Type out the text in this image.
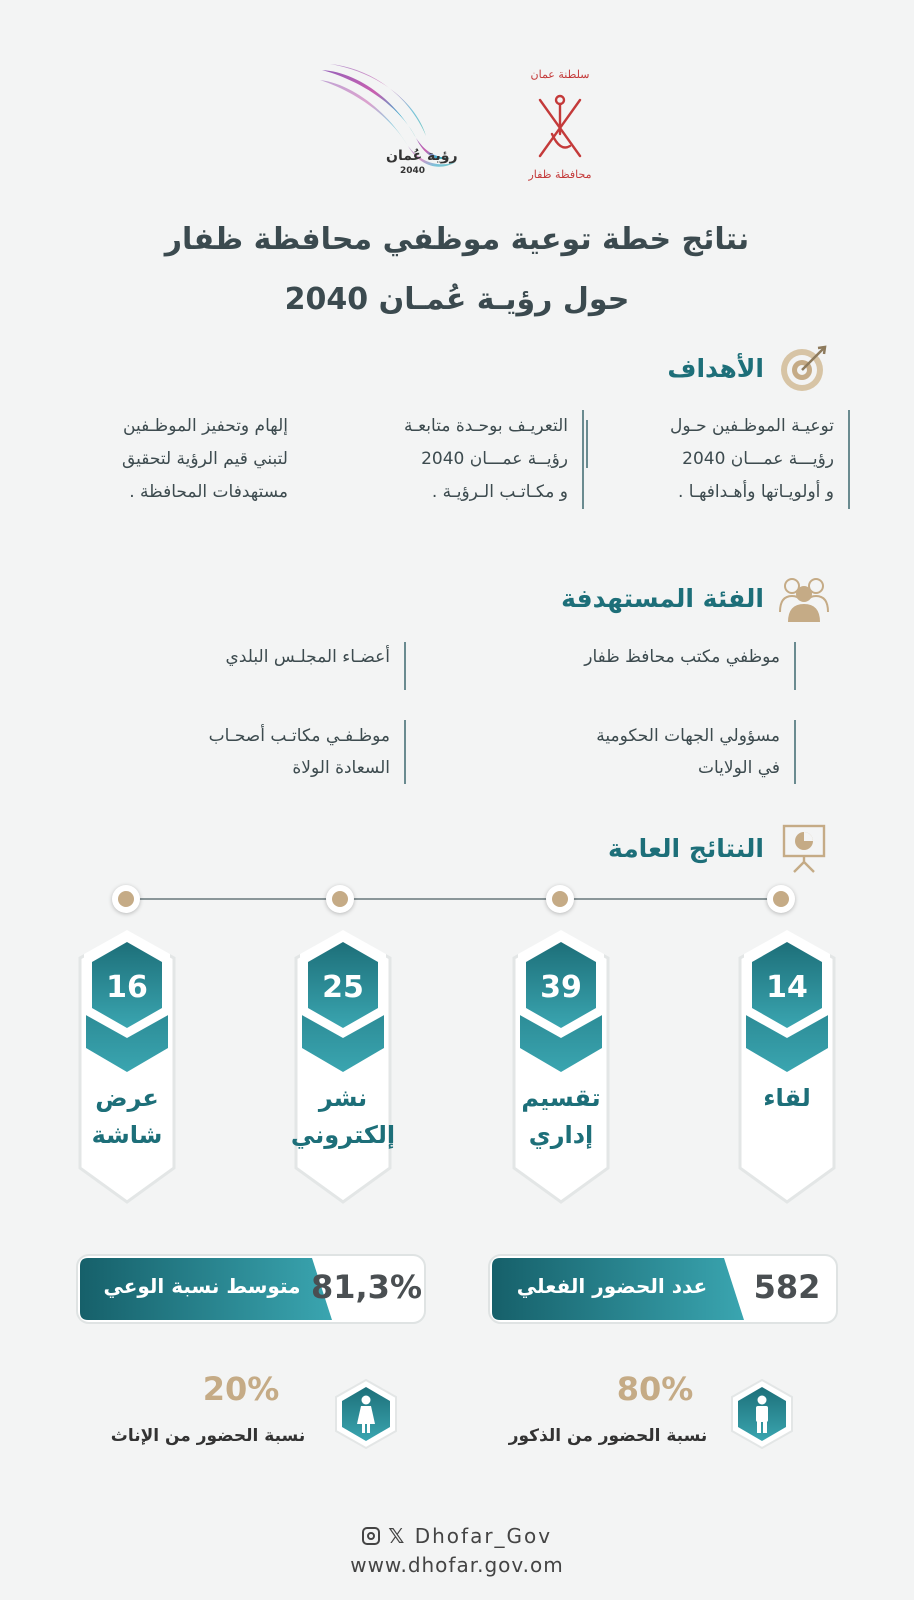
رؤية عُمان
2040
سلطنة عمان
محافظة ظفار
نتائج خطة توعية موظفي محافظة ظفار
حول رؤيـة عُمـان 2040
الأهداف
توعيـة الموظـفين حـول
رؤيـــة عمـــان 2040
و أولويـاتها وأهـدافهـا .
التعريـف بوحـدة متابعـة
رؤيــة عمـــان 2040
و مكـاتـب الـرؤيـة .
إلهام وتحفيز الموظـفين
لتبني قيم الرؤية لتحقيق
مستهدفات المحافظة .
الفئة المستهدفة
موظفي مكتب محافظ ظفار
أعضـاء المجلـس البلدي
مسؤولي الجهات الحكومية
في الولايات
موظـفـي مكاتـب أصحـاب
السعادة الولاة
النتائج العامة
14
لقاء
39
تقسيم
إداري
25
نشر
إلكتروني
16
عرض
شاشة
عدد الحضور الفعلي 582
متوسط نسبة الوعي 81,3%
80%
نسبة الحضور من الذكور
20%
نسبة الحضور من الإناث
𝕏 Dhofar_Gov
www.dhofar.gov.om
